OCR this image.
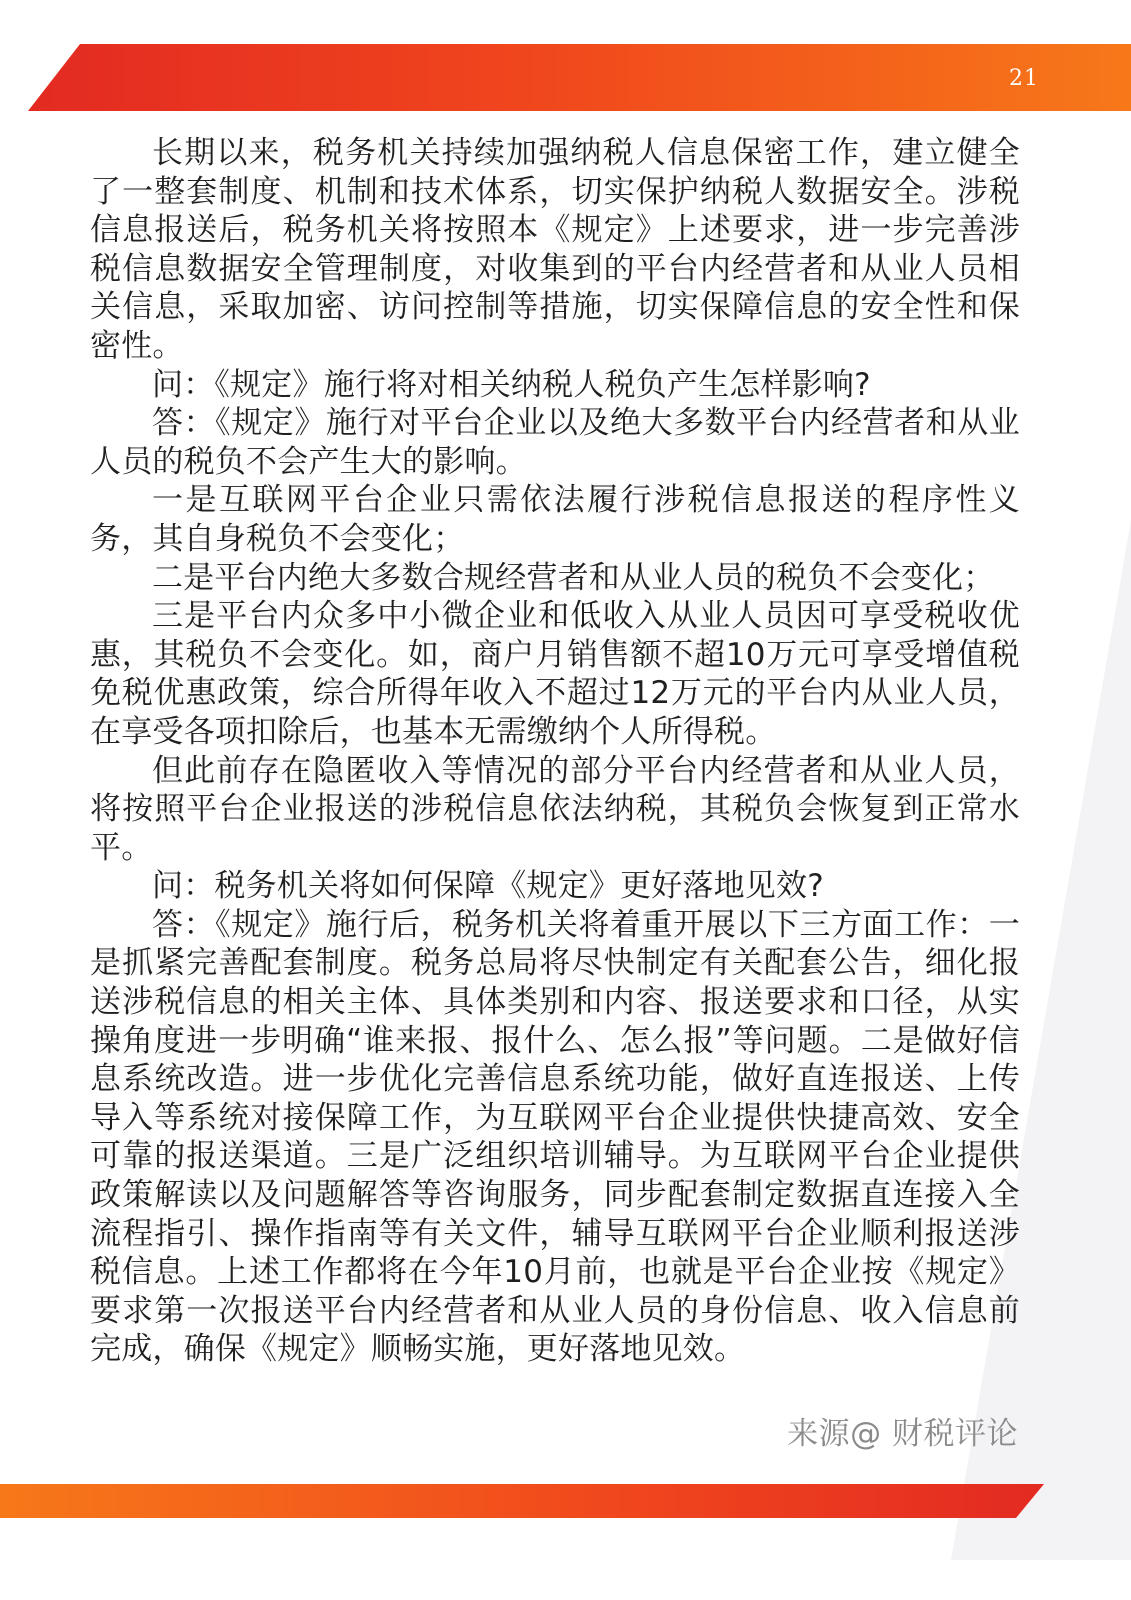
21

长期以来，税务机关持续加强纳税人信息保密工作，建立健全了一整套制度、机制和技术体系，切实保护纳税人数据安全。涉税信息报送后，税务机关将按照本《规定》上述要求，进一步完善涉税信息数据安全管理制度，对收集到的平台内经营者和从业人员相关信息，采取加密、访问控制等措施，切实保障信息的安全性和保密性。

问：《规定》施行将对相关纳税人税负产生怎样影响?

答：《规定》施行对平台企业以及绝大多数平台内经营者和从业人员的税负不会产生大的影响。

一是互联网平台企业只需依法履行涉税信息报送的程序性义务，其自身税负不会变化；

二是平台内绝大多数合规经营者和从业人员的税负不会变化；

三是平台内众多中小微企业和低收入从业人员因可享受税收优惠，其税负不会变化。如，商户月销售额不超10万元可享受增值税免税优惠政策，综合所得年收入不超过12万元的平台内从业人员，在享受各项扣除后，也基本无需缴纳个人所得税。

但此前存在隐匿收入等情况的部分平台内经营者和从业人员，将按照平台企业报送的涉税信息依法纳税，其税负会恢复到正常水平。

问：税务机关将如何保障《规定》更好落地见效?

答：《规定》施行后，税务机关将着重开展以下三方面工作：一是抓紧完善配套制度。税务总局将尽快制定有关配套公告，细化报送涉税信息的相关主体、具体类别和内容、报送要求和口径，从实操角度进一步明确“谁来报、报什么、怎么报”等问题。二是做好信息系统改造。进一步优化完善信息系统功能，做好直连报送、上传导入等系统对接保障工作，为互联网平台企业提供快捷高效、安全可靠的报送渠道。三是广泛组织培训辅导。为互联网平台企业提供政策解读以及问题解答等咨询服务，同步配套制定数据直连接入全流程指引、操作指南等有关文件，辅导互联网平台企业顺利报送涉税信息。上述工作都将在今年10月前，也就是平台企业按《规定》要求第一次报送平台内经营者和从业人员的身份信息、收入信息前完成，确保《规定》顺畅实施，更好落地见效。

来源@ 财税评论
